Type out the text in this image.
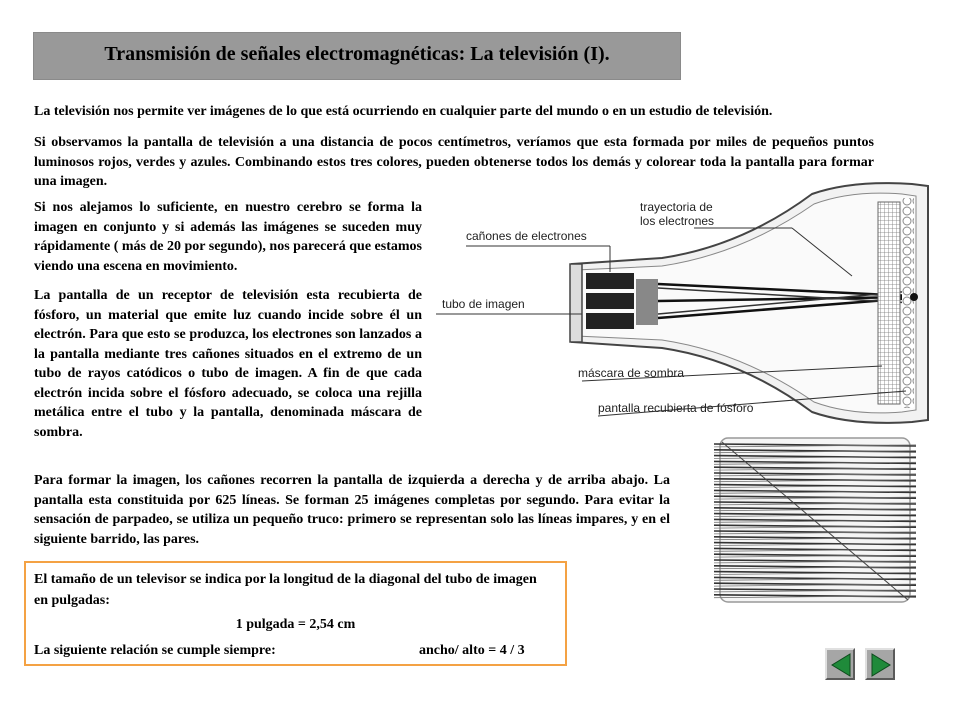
Transmisión de señales electromagnéticas: La televisión (I).

La televisión nos permite ver imágenes de lo que está ocurriendo en cualquier parte del mundo o en un estudio de televisión.

Si observamos la pantalla de televisión a una distancia de pocos centímetros, veríamos que esta formada por miles de pequeños puntos luminosos rojos, verdes y azules. Combinando estos tres colores, pueden obtenerse todos los demás y colorear toda la pantalla para formar una imagen.

Si nos alejamos lo suficiente, en nuestro cerebro se forma la imagen en conjunto y si además las imágenes se suceden muy rápidamente ( más de 20 por segundo), nos parecerá que estamos viendo una escena en movimiento.

La pantalla de un receptor de televisión esta recubierta de fósforo, un material que emite luz cuando incide sobre él un electrón. Para que esto se produzca, los electrones son lanzados a la pantalla mediante tres cañones situados en el extremo de un tubo de rayos catódicos o tubo de imagen. A fin de que cada electrón incida sobre el fósforo adecuado, se coloca una rejilla metálica entre el tubo y la pantalla, denominada máscara de sombra.

Para formar la imagen, los cañones recorren la pantalla de izquierda a derecha y de arriba abajo. La pantalla esta constituida por 625 líneas. Se forman 25 imágenes completas por segundo. Para evitar la sensación de parpadeo, se utiliza un pequeño truco: primero se representan solo las líneas impares, y en el siguiente barrido, las pares.

trayectoria de
los electrones
cañones de electrones
tubo de imagen
máscara de sombra
pantalla recubierta de fósforo

El tamaño de un televisor se indica por la longitud de la diagonal del tubo de imagen en pulgadas:

1 pulgada = 2,54 cm

La siguiente relación se cumple siempre:	ancho/ alto = 4 / 3
